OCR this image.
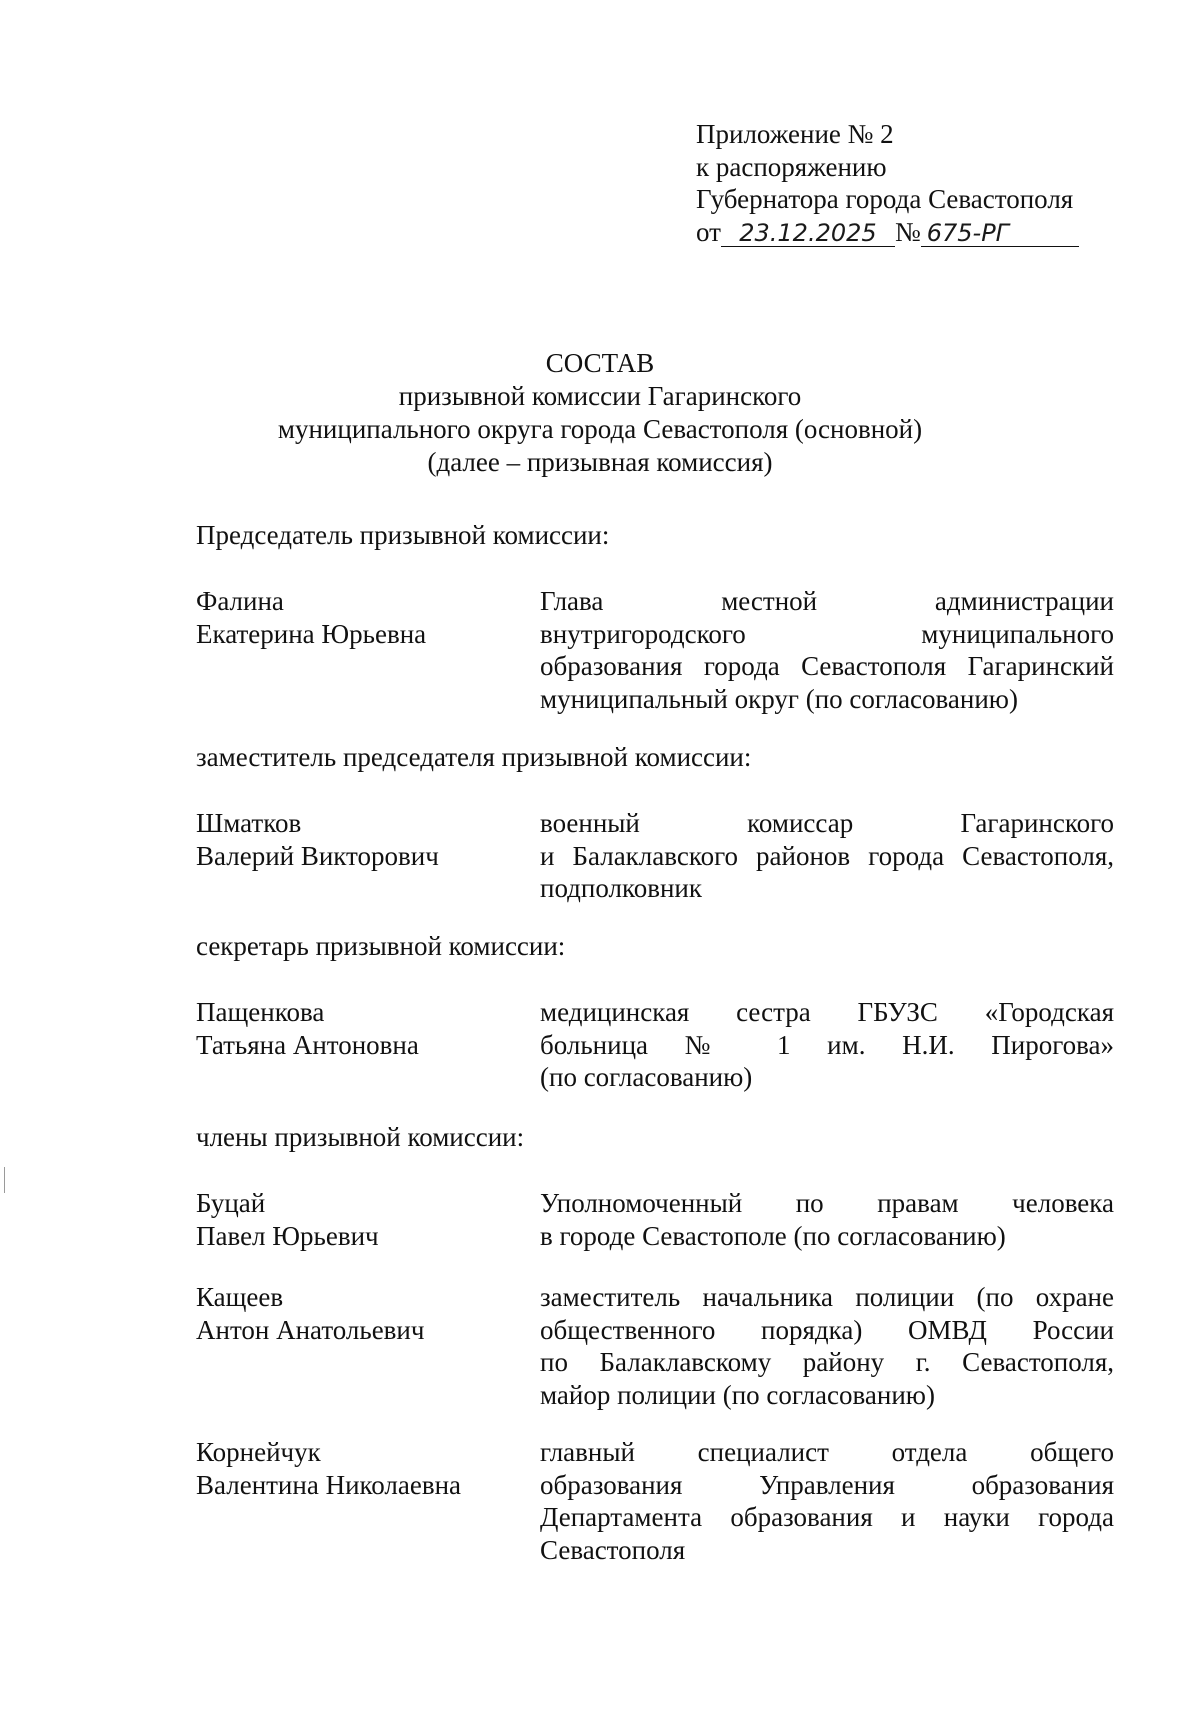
Приложение № 2
к распоряжению
Губернатора города Севастополя
от 23.12.2025 № 675-РГ
СОСТАВ
призывной комиссии Гагаринского
муниципального округа города Севастополя (основной)
(далее – призывная комиссия)
Председатель призывной комиссии:
Фалина
Екатерина Юрьевна
Глава местной администрации
внутригородского муниципального
образования города Севастополя Гагаринский
муниципальный округ (по согласованию)
заместитель председателя призывной комиссии:
Шматков
Валерий Викторович
военный комиссар Гагаринского
и Балаклавского районов города Севастополя,
подполковник
секретарь призывной комиссии:
Пащенкова
Татьяна Антоновна
медицинская сестра ГБУЗС «Городская
больница № 1 им. Н.И. Пирогова»
(по согласованию)
члены призывной комиссии:
Буцай
Павел Юрьевич
Уполномоченный по правам человека
в городе Севастополе (по согласованию)
Кащеев
Антон Анатольевич
заместитель начальника полиции (по охране
общественного порядка) ОМВД России
по Балаклавскому району г. Севастополя,
майор полиции (по согласованию)
Корнейчук
Валентина Николаевна
главный специалист отдела общего
образования Управления образования
Департамента образования и науки города
Севастополя
